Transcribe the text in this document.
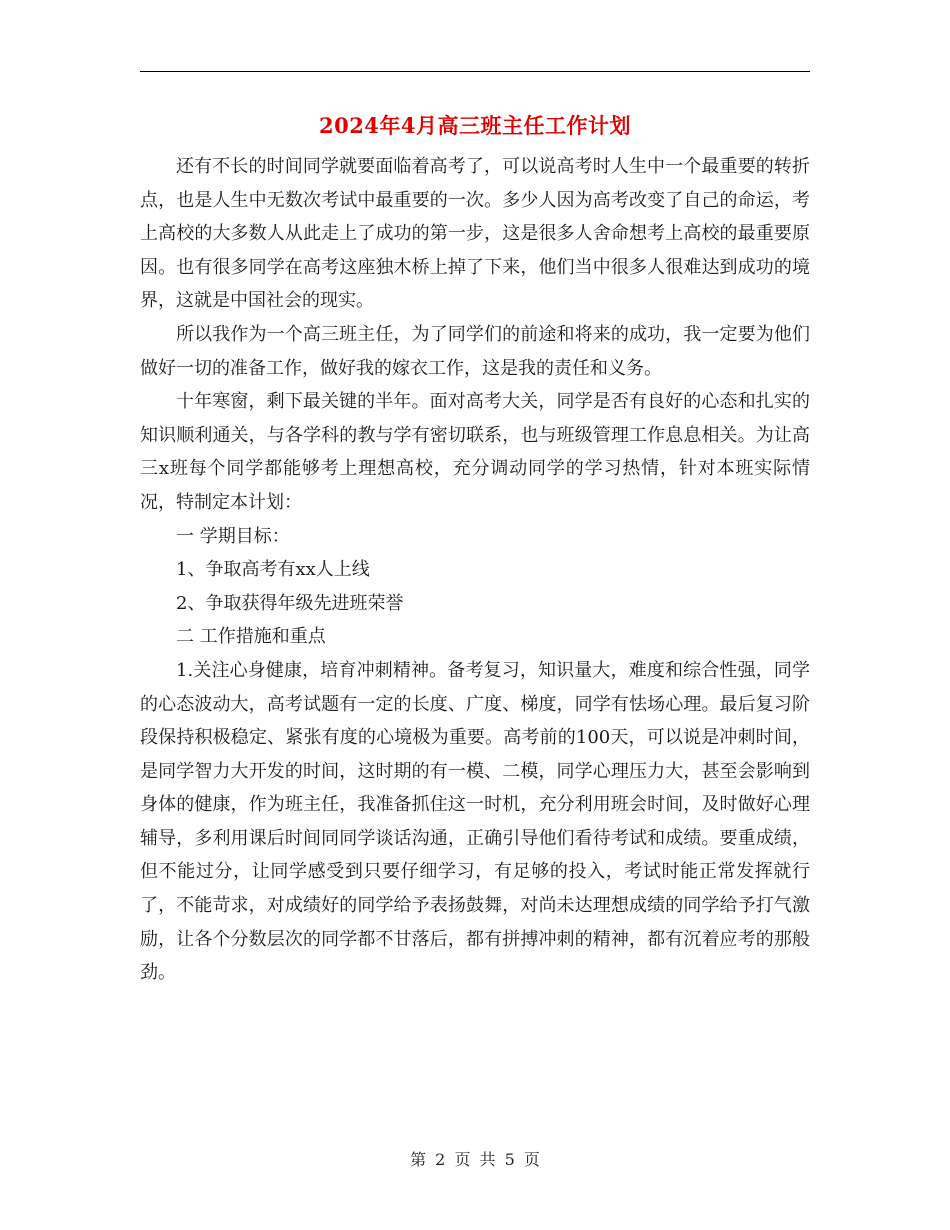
2024年4月高三班主任工作计划

还有不长的时间同学就要面临着高考了，可以说高考时人生中一个最重要的转折点，也是人生中无数次考试中最重要的一次。多少人因为高考改变了自己的命运，考上高校的大多数人从此走上了成功的第一步，这是很多人舍命想考上高校的最重要原因。也有很多同学在高考这座独木桥上掉了下来，他们当中很多人很难达到成功的境界，这就是中国社会的现实。

所以我作为一个高三班主任，为了同学们的前途和将来的成功，我一定要为他们做好一切的准备工作，做好我的嫁衣工作，这是我的责任和义务。

十年寒窗，剩下最关键的半年。面对高考大关，同学是否有良好的心态和扎实的知识顺利通关，与各学科的教与学有密切联系，也与班级管理工作息息相关。为让高三x班每个同学都能够考上理想高校，充分调动同学的学习热情，针对本班实际情况，特制定本计划：

一 学期目标：

1、争取高考有xx人上线

2、争取获得年级先进班荣誉

二 工作措施和重点

1.关注心身健康，培育冲刺精神。备考复习，知识量大，难度和综合性强，同学的心态波动大，高考试题有一定的长度、广度、梯度，同学有怯场心理。最后复习阶段保持积极稳定、紧张有度的心境极为重要。高考前的100天，可以说是冲刺时间，是同学智力大开发的时间，这时期的有一模、二模，同学心理压力大，甚至会影响到身体的健康，作为班主任，我准备抓住这一时机，充分利用班会时间，及时做好心理辅导，多利用课后时间同同学谈话沟通，正确引导他们看待考试和成绩。要重成绩，但不能过分，让同学感受到只要仔细学习，有足够的投入，考试时能正常发挥就行了，不能苛求，对成绩好的同学给予表扬鼓舞，对尚未达理想成绩的同学给予打气激励，让各个分数层次的同学都不甘落后，都有拼搏冲刺的精神，都有沉着应考的那般劲。

第 2 页 共 5 页
